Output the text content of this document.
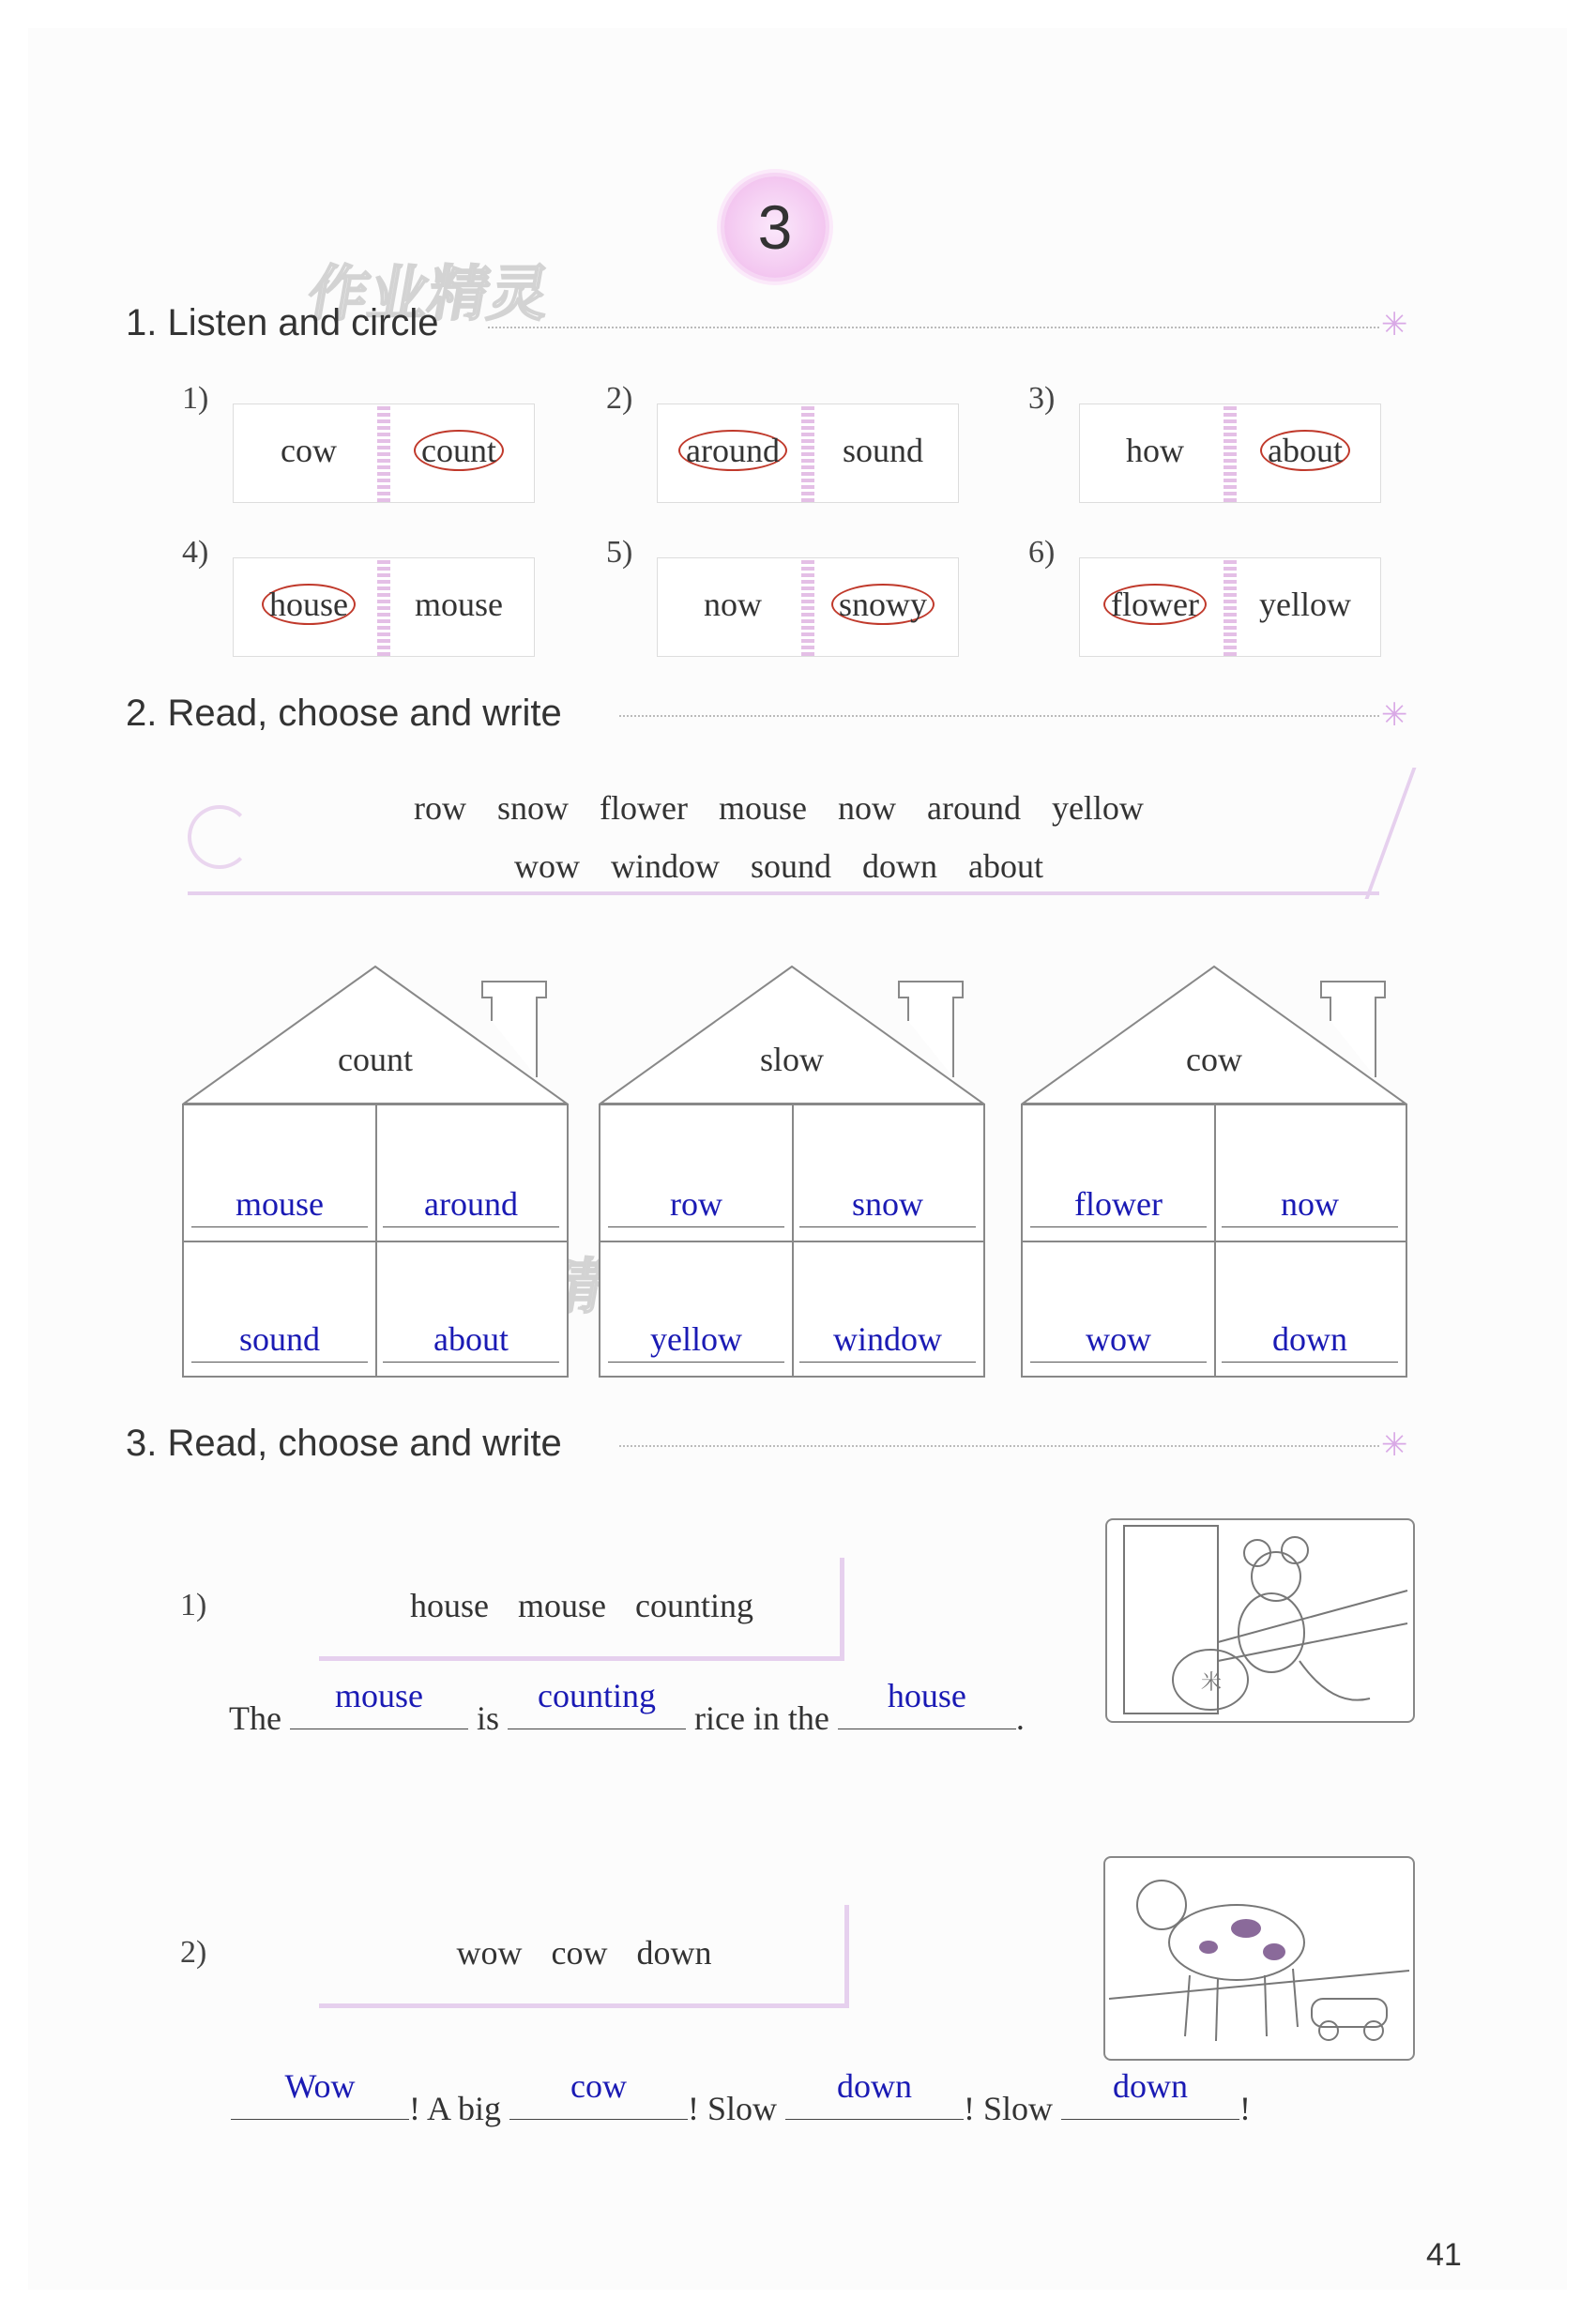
3
作业精灵
1. Listen and circle	✳
1)
cow	count
2)
around	sound
3)
how	about
4)
house	mouse
5)
now	snowy
6)
flower	yellow
2. Read, choose and write	✳
row snow flower mouse now around yellow
wow window sound down about
count
mouse	around
sound	about
slow
row	snow
yellow	window
cow
flower	now
wow	down
3. Read, choose and write	✳
1)	house mouse counting
米
The
mouse
is
counting
rice in the
house
.
2)	wow cow down
Wow
! A big
cow
! Slow
down
! Slow
down
!
41
